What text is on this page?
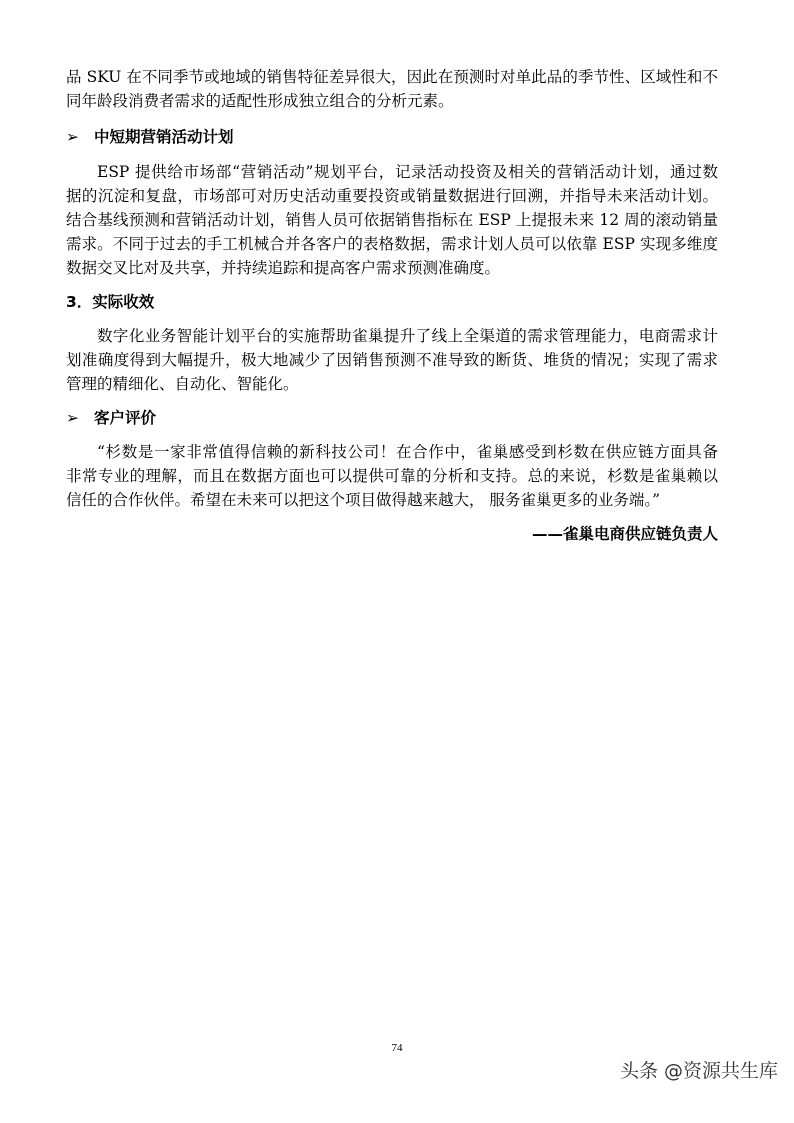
品 SKU 在不同季节或地域的销售特征差异很大，因此在预测时对单此品的季节性、区域性和不
同年龄段消费者需求的适配性形成独立组合的分析元素。
➢ 中短期营销活动计划
ESP 提供给市场部“营销活动”规划平台，记录活动投资及相关的营销活动计划，通过数
据的沉淀和复盘，市场部可对历史活动重要投资或销量数据进行回溯，并指导未来活动计划。
结合基线预测和营销活动计划，销售人员可依据销售指标在 ESP 上提报未来 12 周的滚动销量
需求。不同于过去的手工机械合并各客户的表格数据，需求计划人员可以依靠 ESP 实现多维度
数据交叉比对及共享，并持续追踪和提高客户需求预测准确度。
3．实际收效
数字化业务智能计划平台的实施帮助雀巢提升了线上全渠道的需求管理能力，电商需求计
划准确度得到大幅提升，极大地减少了因销售预测不准导致的断货、堆货的情况；实现了需求
管理的精细化、自动化、智能化。
➢ 客户评价
“杉数是一家非常值得信赖的新科技公司！在合作中，雀巢感受到杉数在供应链方面具备
非常专业的理解，而且在数据方面也可以提供可靠的分析和支持。总的来说，杉数是雀巢赖以
信任的合作伙伴。希望在未来可以把这个项目做得越来越大， 服务雀巢更多的业务端。”
——雀巢电商供应链负责人
74
头条 @资源共生库
